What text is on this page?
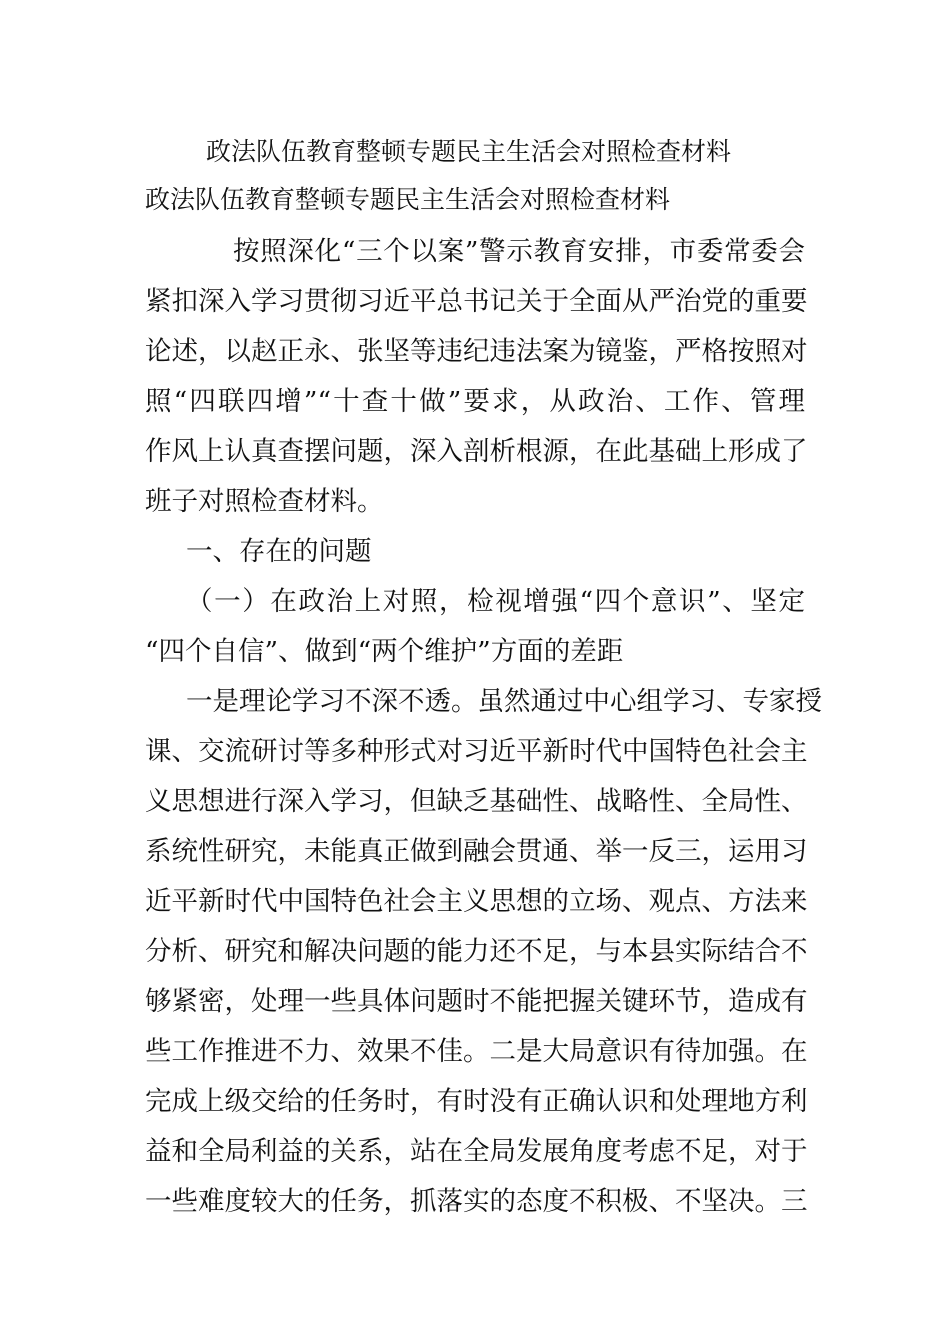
政法队伍教育整顿专题民主生活会对照检查材料
政法队伍教育整顿专题民主生活会对照检查材料
按照深化“三个以案”警示教育安排，市委常委会
紧扣深入学习贯彻习近平总书记关于全面从严治党的重要
论述，以赵正永、张坚等违纪违法案为镜鉴，严格按照对
照“四联四增”“十查十做”要求，从政治、工作、管理
作风上认真查摆问题，深入剖析根源，在此基础上形成了
班子对照检查材料。
一、存在的问题
（一）在政治上对照，检视增强“四个意识”、坚定
“四个自信”、做到“两个维护”方面的差距
一是理论学习不深不透。虽然通过中心组学习、专家授
课、交流研讨等多种形式对习近平新时代中国特色社会主
义思想进行深入学习，但缺乏基础性、战略性、全局性、
系统性研究，未能真正做到融会贯通、举一反三，运用习
近平新时代中国特色社会主义思想的立场、观点、方法来
分析、研究和解决问题的能力还不足，与本县实际结合不
够紧密，处理一些具体问题时不能把握关键环节，造成有
些工作推进不力、效果不佳。二是大局意识有待加强。在
完成上级交给的任务时，有时没有正确认识和处理地方利
益和全局利益的关系，站在全局发展角度考虑不足，对于
一些难度较大的任务，抓落实的态度不积极、不坚决。三
